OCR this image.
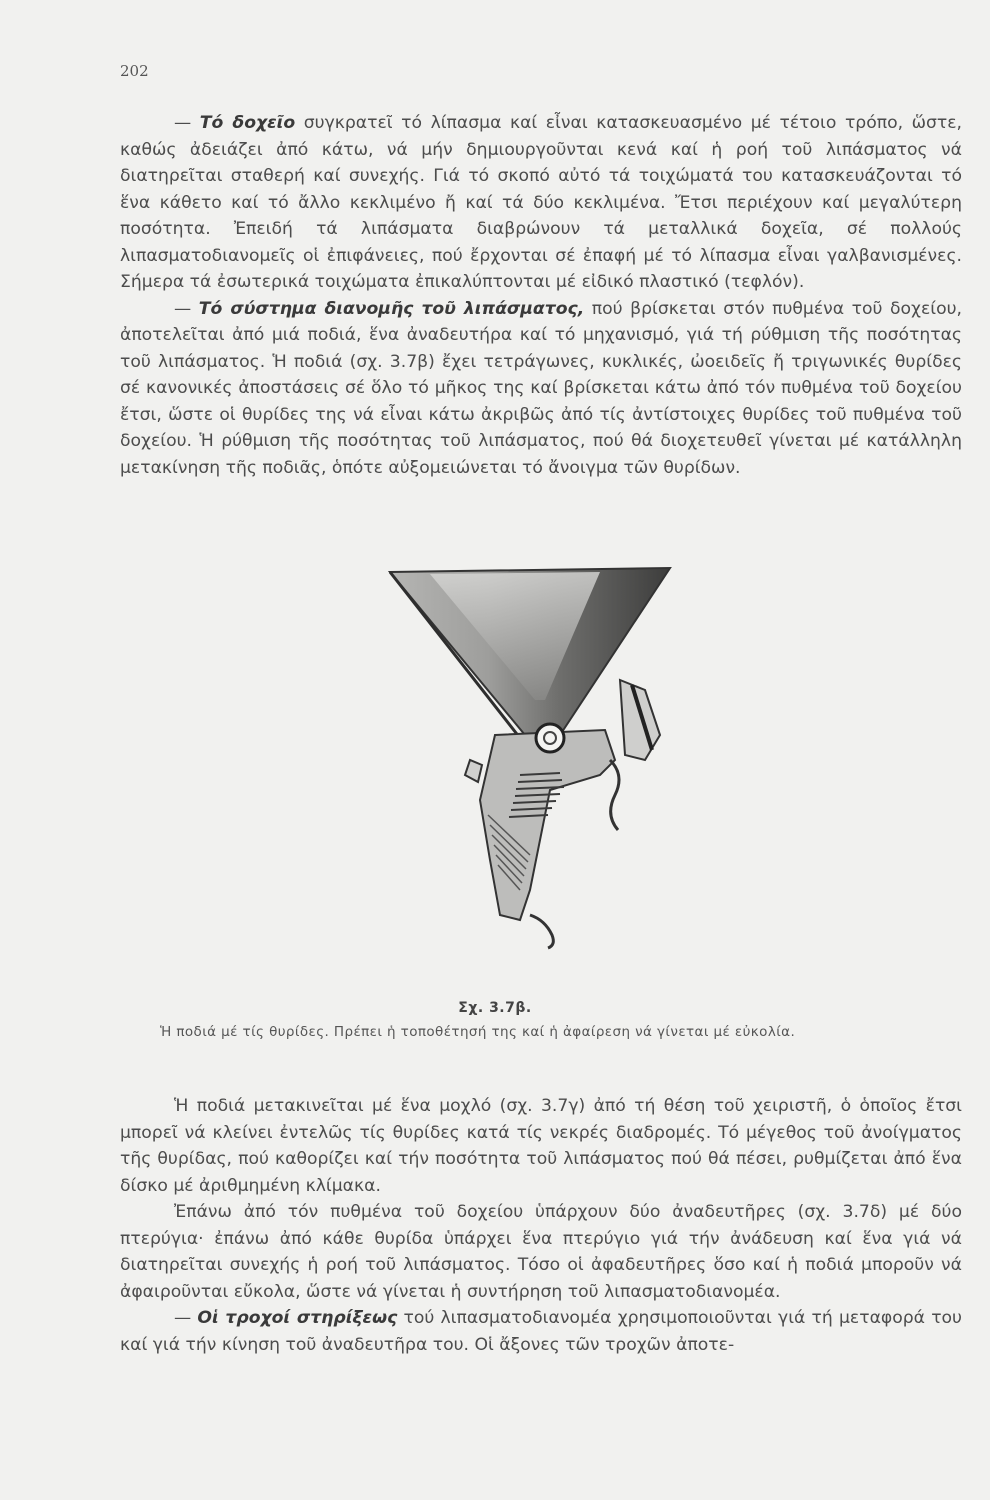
202

— Τό δοχεῖο συγκρατεῖ τό λίπασμα καί εἶναι κατασκευασμένο μέ τέτοιο τρόπο, ὥστε, καθώς ἀδειάζει ἀπό κάτω, νά μήν δημιουργοῦνται κενά καί ἡ ροή τοῦ λιπάσματος νά διατηρεῖται σταθερή καί συνεχής. Γιά τό σκοπό αὐτό τά τοιχώματά του κατασκευάζονται τό ἕνα κάθετο καί τό ἄλλο κεκλιμένο ἤ καί τά δύο κεκλιμένα. Ἔτσι περιέχουν καί μεγαλύτερη ποσότητα. Ἐπειδή τά λιπάσματα διαβρώνουν τά μεταλλικά δοχεῖα, σέ πολλούς λιπασματοδιανομεῖς οἱ ἐπιφάνειες, πού ἔρχονται σέ ἐπαφή μέ τό λίπασμα εἶναι γαλβανισμένες. Σήμερα τά ἐσωτερικά τοιχώματα ἐπικαλύπτονται μέ εἰδικό πλαστικό (τεφλόν).

— Τό σύστημα διανομῆς τοῦ λιπάσματος, πού βρίσκεται στόν πυθμένα τοῦ δοχείου, ἀποτελεῖται ἀπό μιά ποδιά, ἕνα ἀναδευτήρα καί τό μηχανισμό, γιά τή ρύθμιση τῆς ποσότητας τοῦ λιπάσματος. Ἡ ποδιά (σχ. 3.7β) ἔχει τετράγωνες, κυκλικές, ὠοειδεῖς ἤ τριγωνικές θυρίδες σέ κανονικές ἀποστάσεις σέ ὅλο τό μῆκος της καί βρίσκεται κάτω ἀπό τόν πυθμένα τοῦ δοχείου ἔτσι, ὥστε οἱ θυρίδες της νά εἶναι κάτω ἀκριβῶς ἀπό τίς ἀντίστοιχες θυρίδες τοῦ πυθμένα τοῦ δοχείου. Ἡ ρύθμιση τῆς ποσότητας τοῦ λιπάσματος, πού θά διοχετευθεῖ γίνεται μέ κατάλληλη μετακίνηση τῆς ποδιᾶς, ὁπότε αὐξομειώνεται τό ἄνοιγμα τῶν θυρίδων.

Σχ. 3.7β.
Ἡ ποδιά μέ τίς θυρίδες. Πρέπει ἡ τοποθέτησή της καί ἡ ἀφαίρεση νά γίνεται μέ εὐκολία.

Ἡ ποδιά μετακινεῖται μέ ἕνα μοχλό (σχ. 3.7γ) ἀπό τή θέση τοῦ χειριστῆ, ὁ ὁποῖος ἔτσι μπορεῖ νά κλείνει ἐντελῶς τίς θυρίδες κατά τίς νεκρές διαδρομές. Τό μέγεθος τοῦ ἀνοίγματος τῆς θυρίδας, πού καθορίζει καί τήν ποσότητα τοῦ λιπάσματος πού θά πέσει, ρυθμίζεται ἀπό ἕνα δίσκο μέ ἀριθμημένη κλίμακα.

Ἐπάνω ἀπό τόν πυθμένα τοῦ δοχείου ὑπάρχουν δύο ἀναδευτῆρες (σχ. 3.7δ) μέ δύο πτερύγια· ἐπάνω ἀπό κάθε θυρίδα ὑπάρχει ἕνα πτερύγιο γιά τήν ἀνάδευση καί ἕνα γιά νά διατηρεῖται συνεχής ἡ ροή τοῦ λιπάσματος. Τόσο οἱ ἀφαδευτῆρες ὅσο καί ἡ ποδιά μποροῦν νά ἀφαιροῦνται εὔκολα, ὥστε νά γίνεται ἡ συντήρηση τοῦ λιπασματοδιανομέα.

— Οἱ τροχοί στηρίξεως τού λιπασματοδιανομέα χρησιμοποιοῦνται γιά τή μεταφορά του καί γιά τήν κίνηση τοῦ ἀναδευτῆρα του. Οἱ ἄξονες τῶν τροχῶν ἀποτε-
